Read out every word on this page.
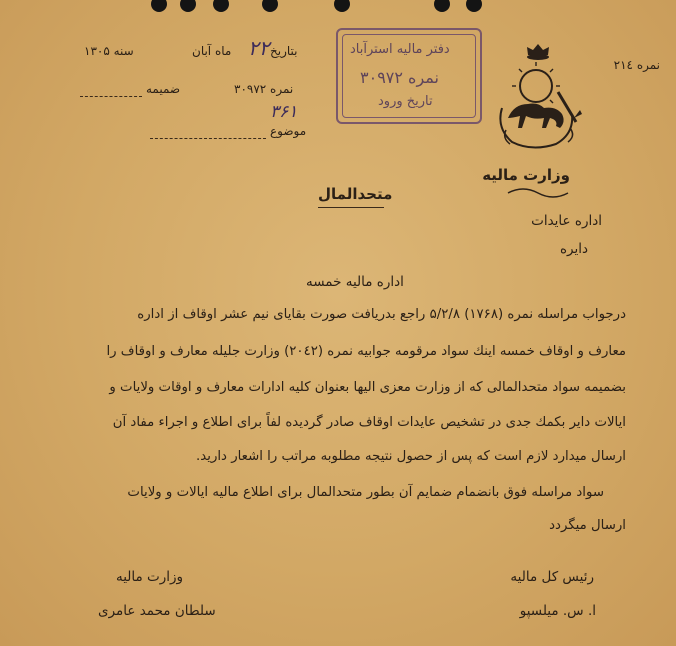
سنه ۱۳۰۵	ماه آبان	بتاريخ
۲۲
ضميمه	نمره ۳۰۹۷۲
موضوع
۳۶۱
دفتر ماليه استرآباد
نمره ۳۰۹۷۲
تاريخ ورود
نمره ۲۱٤
وزارت ماليه
اداره عايدات
دايره
متحدالمال
اداره ماليه خمسه
درجواب مراسله نمره (۱۷۶۸) ۵/۲/۸ راجع بدريافت صورت بقاياى نيم عشر اوقاف از اداره
معارف و اوقاف خمسه اينك سواد مرقومه جوابيه نمره (۲۰٤۲) وزارت جليله معارف و اوقاف را
بضميمه سواد متحدالمالى كه از وزارت معزى اليها بعنوان كليه ادارات معارف و اوقات ولايات و
ايالات داير بكمك جدى در تشخيص عايدات اوقاف صادر گرديده لفاً براى اطلاع و اجراء مفاد آن
ارسال ميدارد لازم است كه پس از حصول نتيجه مطلوبه مراتب را اشعار داريد.
سواد مراسله فوق بانضمام ضمايم آن بطور متحدالمال براى اطلاع ماليه ايالات و ولايات
ارسال ميگردد
رئيس كل ماليه
ا. س. ميلسپو
وزارت ماليه
سلطان محمد عامرى
